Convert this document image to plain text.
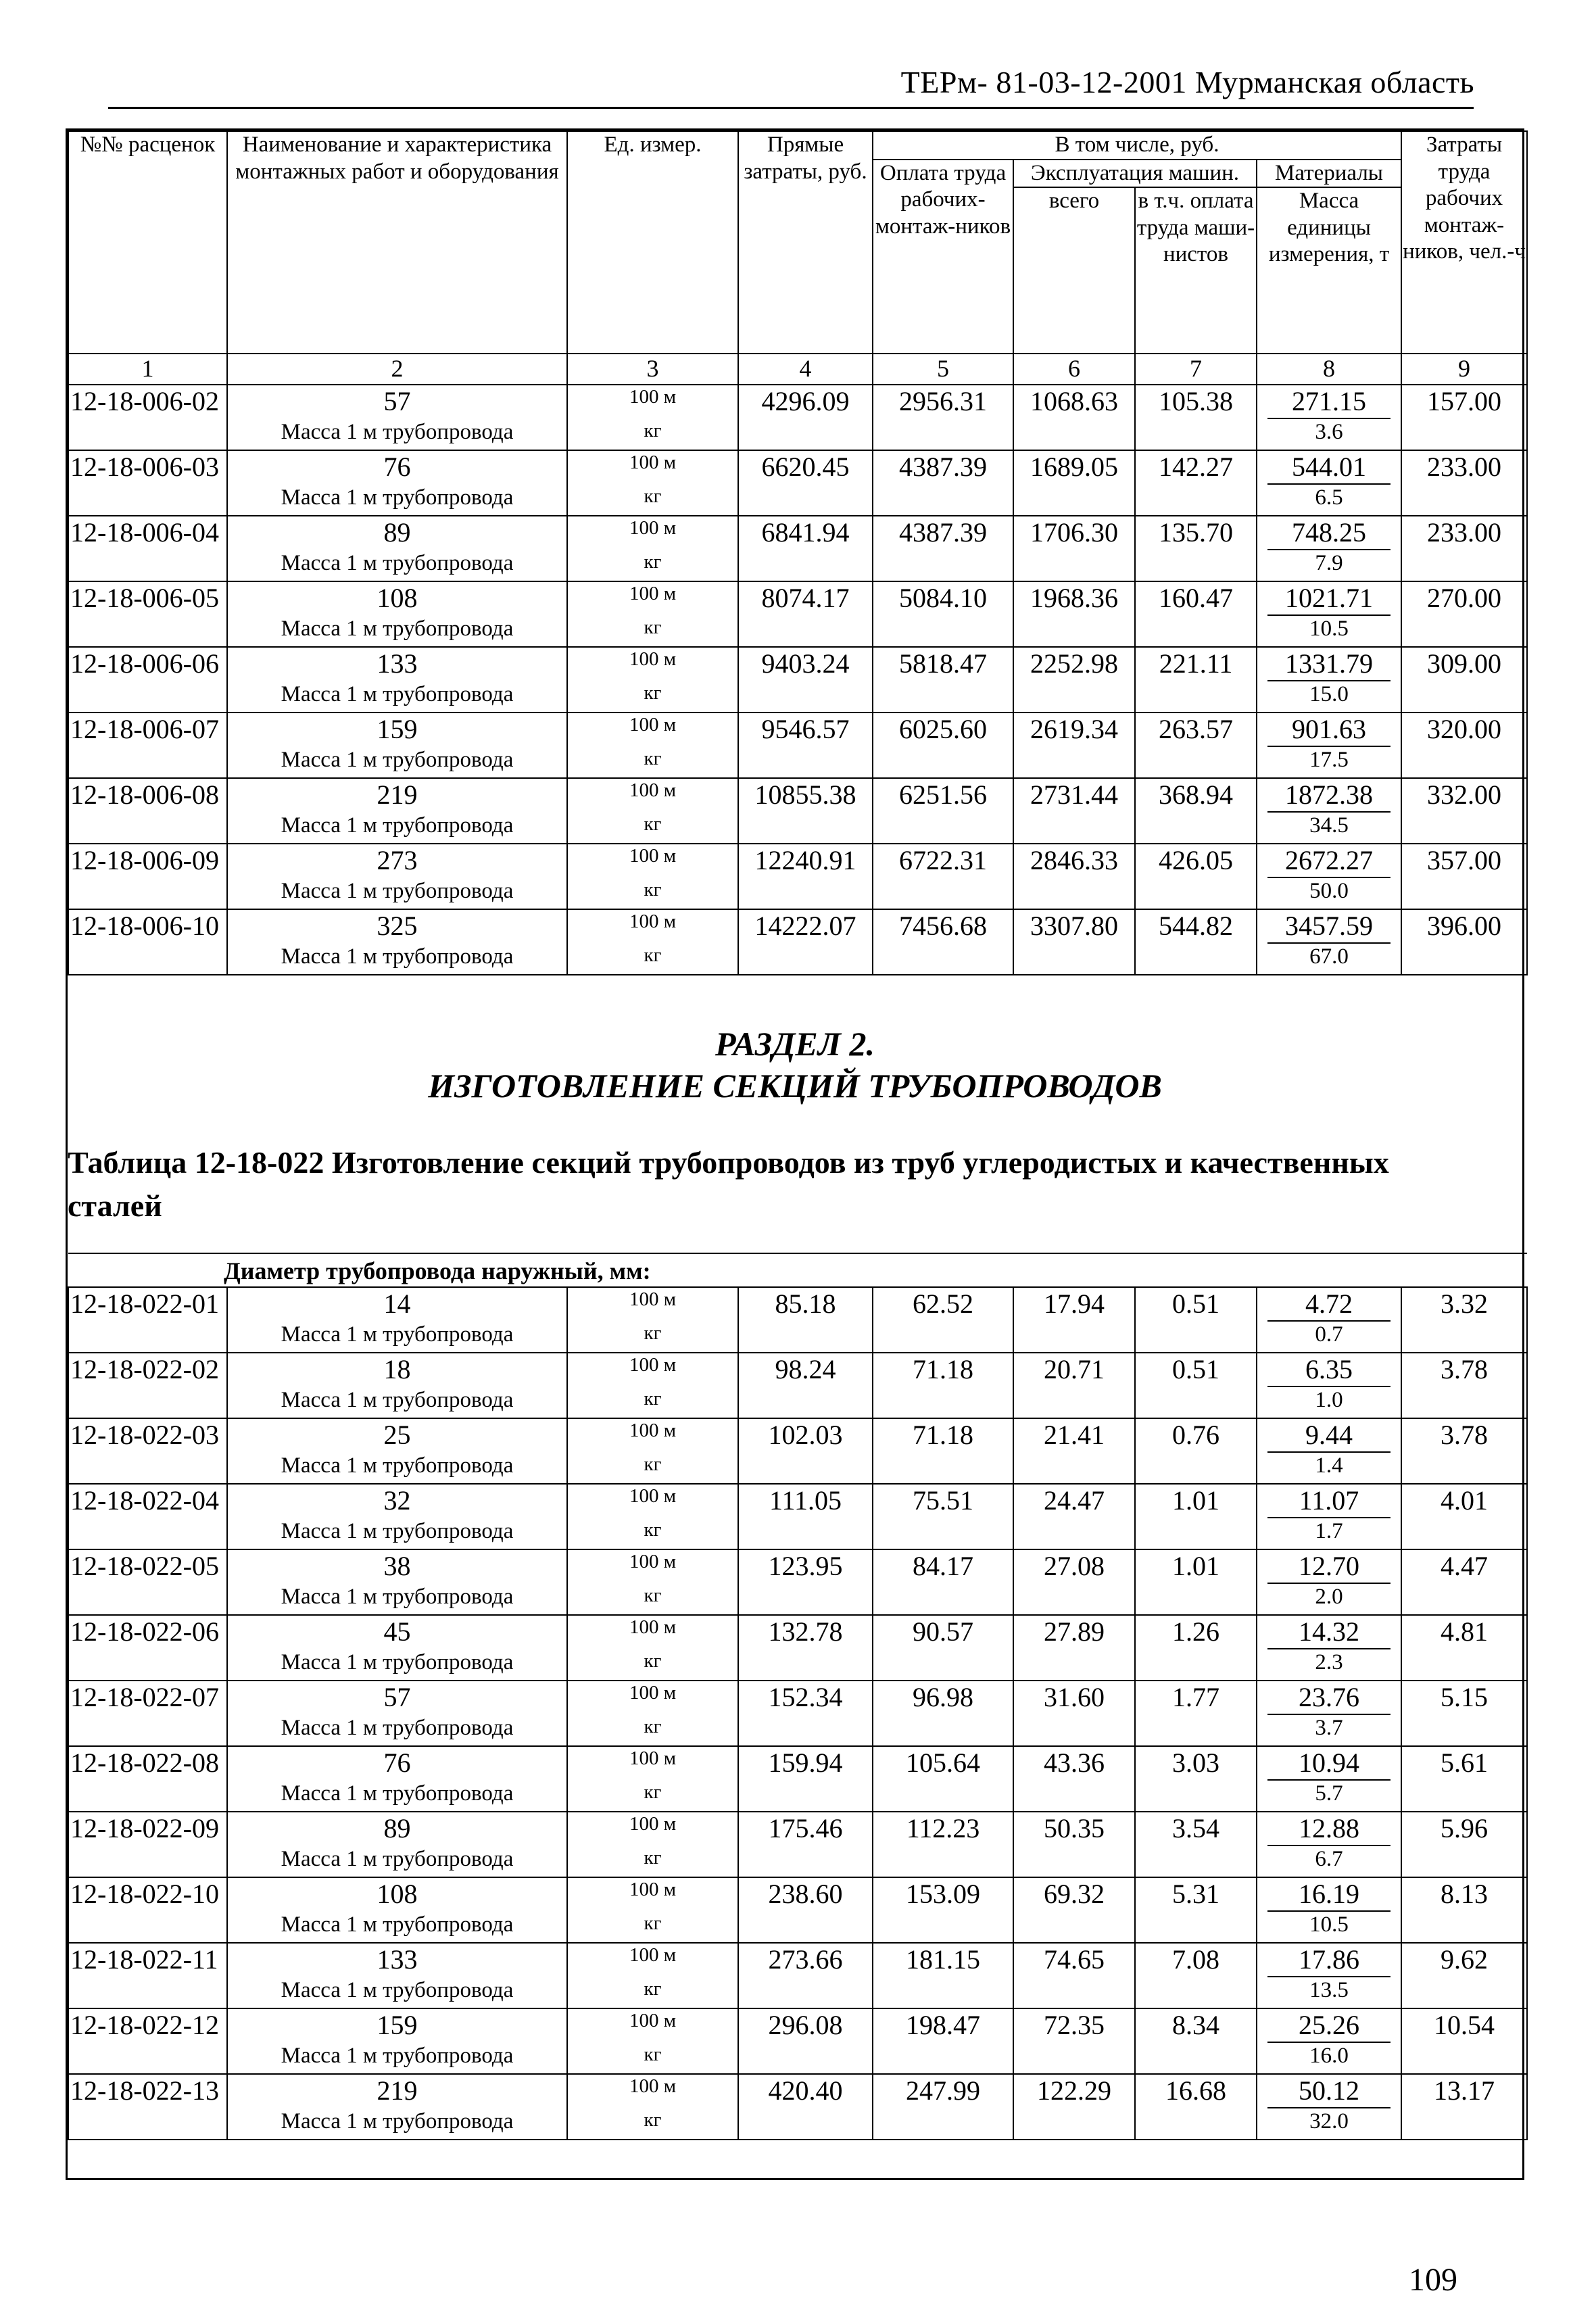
ТЕРм- 81-03-12-2001 Мурманская область
№№ расценок	Наименование и характеристика монтажных работ и оборудования	Ед. измер.	Прямые затраты, руб.	В том числе, руб.				Затраты труда рабочих монтаж-ников, чел.-ч
				Оплата труда рабочих-монтаж-ников	Эксплуатация машин.		Материалы	
					всего	в т.ч. оплата труда маши-нистов	Масса единицы измерения, т	
1	2	3	4	5	6	7	8	9
12-18-006-02	57	100 м	4296.09	2956.31	1068.63	105.38	271.15	157.00
	Масса 1 м трубопровода	кг					3.6	
12-18-006-03	76	100 м	6620.45	4387.39	1689.05	142.27	544.01	233.00
	Масса 1 м трубопровода	кг					6.5	
12-18-006-04	89	100 м	6841.94	4387.39	1706.30	135.70	748.25	233.00
	Масса 1 м трубопровода	кг					7.9	
12-18-006-05	108	100 м	8074.17	5084.10	1968.36	160.47	1021.71	270.00
	Масса 1 м трубопровода	кг					10.5	
12-18-006-06	133	100 м	9403.24	5818.47	2252.98	221.11	1331.79	309.00
	Масса 1 м трубопровода	кг					15.0	
12-18-006-07	159	100 м	9546.57	6025.60	2619.34	263.57	901.63	320.00
	Масса 1 м трубопровода	кг					17.5	
12-18-006-08	219	100 м	10855.38	6251.56	2731.44	368.94	1872.38	332.00
	Масса 1 м трубопровода	кг					34.5	
12-18-006-09	273	100 м	12240.91	6722.31	2846.33	426.05	2672.27	357.00
	Масса 1 м трубопровода	кг					50.0	
12-18-006-10	325	100 м	14222.07	7456.68	3307.80	544.82	3457.59	396.00
	Масса 1 м трубопровода	кг					67.0	
РАЗДЕЛ 2.
ИЗГОТОВЛЕНИЕ СЕКЦИЙ ТРУБОПРОВОДОВ
Таблица 12-18-022 Изготовление секций трубопроводов из труб углеродистых и качественных сталей
Диаметр трубопровода наружный, мм:								

12-18-022-01	14	100 м	85.18	62.52	17.94	0.51	4.72	3.32
	Масса 1 м трубопровода	кг					0.7	
12-18-022-02	18	100 м	98.24	71.18	20.71	0.51	6.35	3.78
	Масса 1 м трубопровода	кг					1.0	
12-18-022-03	25	100 м	102.03	71.18	21.41	0.76	9.44	3.78
	Масса 1 м трубопровода	кг					1.4	
12-18-022-04	32	100 м	111.05	75.51	24.47	1.01	11.07	4.01
	Масса 1 м трубопровода	кг					1.7	
12-18-022-05	38	100 м	123.95	84.17	27.08	1.01	12.70	4.47
	Масса 1 м трубопровода	кг					2.0	
12-18-022-06	45	100 м	132.78	90.57	27.89	1.26	14.32	4.81
	Масса 1 м трубопровода	кг					2.3	
12-18-022-07	57	100 м	152.34	96.98	31.60	1.77	23.76	5.15
	Масса 1 м трубопровода	кг					3.7	
12-18-022-08	76	100 м	159.94	105.64	43.36	3.03	10.94	5.61
	Масса 1 м трубопровода	кг					5.7	
12-18-022-09	89	100 м	175.46	112.23	50.35	3.54	12.88	5.96
	Масса 1 м трубопровода	кг					6.7	
12-18-022-10	108	100 м	238.60	153.09	69.32	5.31	16.19	8.13
	Масса 1 м трубопровода	кг					10.5	
12-18-022-11	133	100 м	273.66	181.15	74.65	7.08	17.86	9.62
	Масса 1 м трубопровода	кг					13.5	
12-18-022-12	159	100 м	296.08	198.47	72.35	8.34	25.26	10.54
	Масса 1 м трубопровода	кг					16.0	
12-18-022-13	219	100 м	420.40	247.99	122.29	16.68	50.12	13.17
	Масса 1 м трубопровода	кг					32.0	
109
